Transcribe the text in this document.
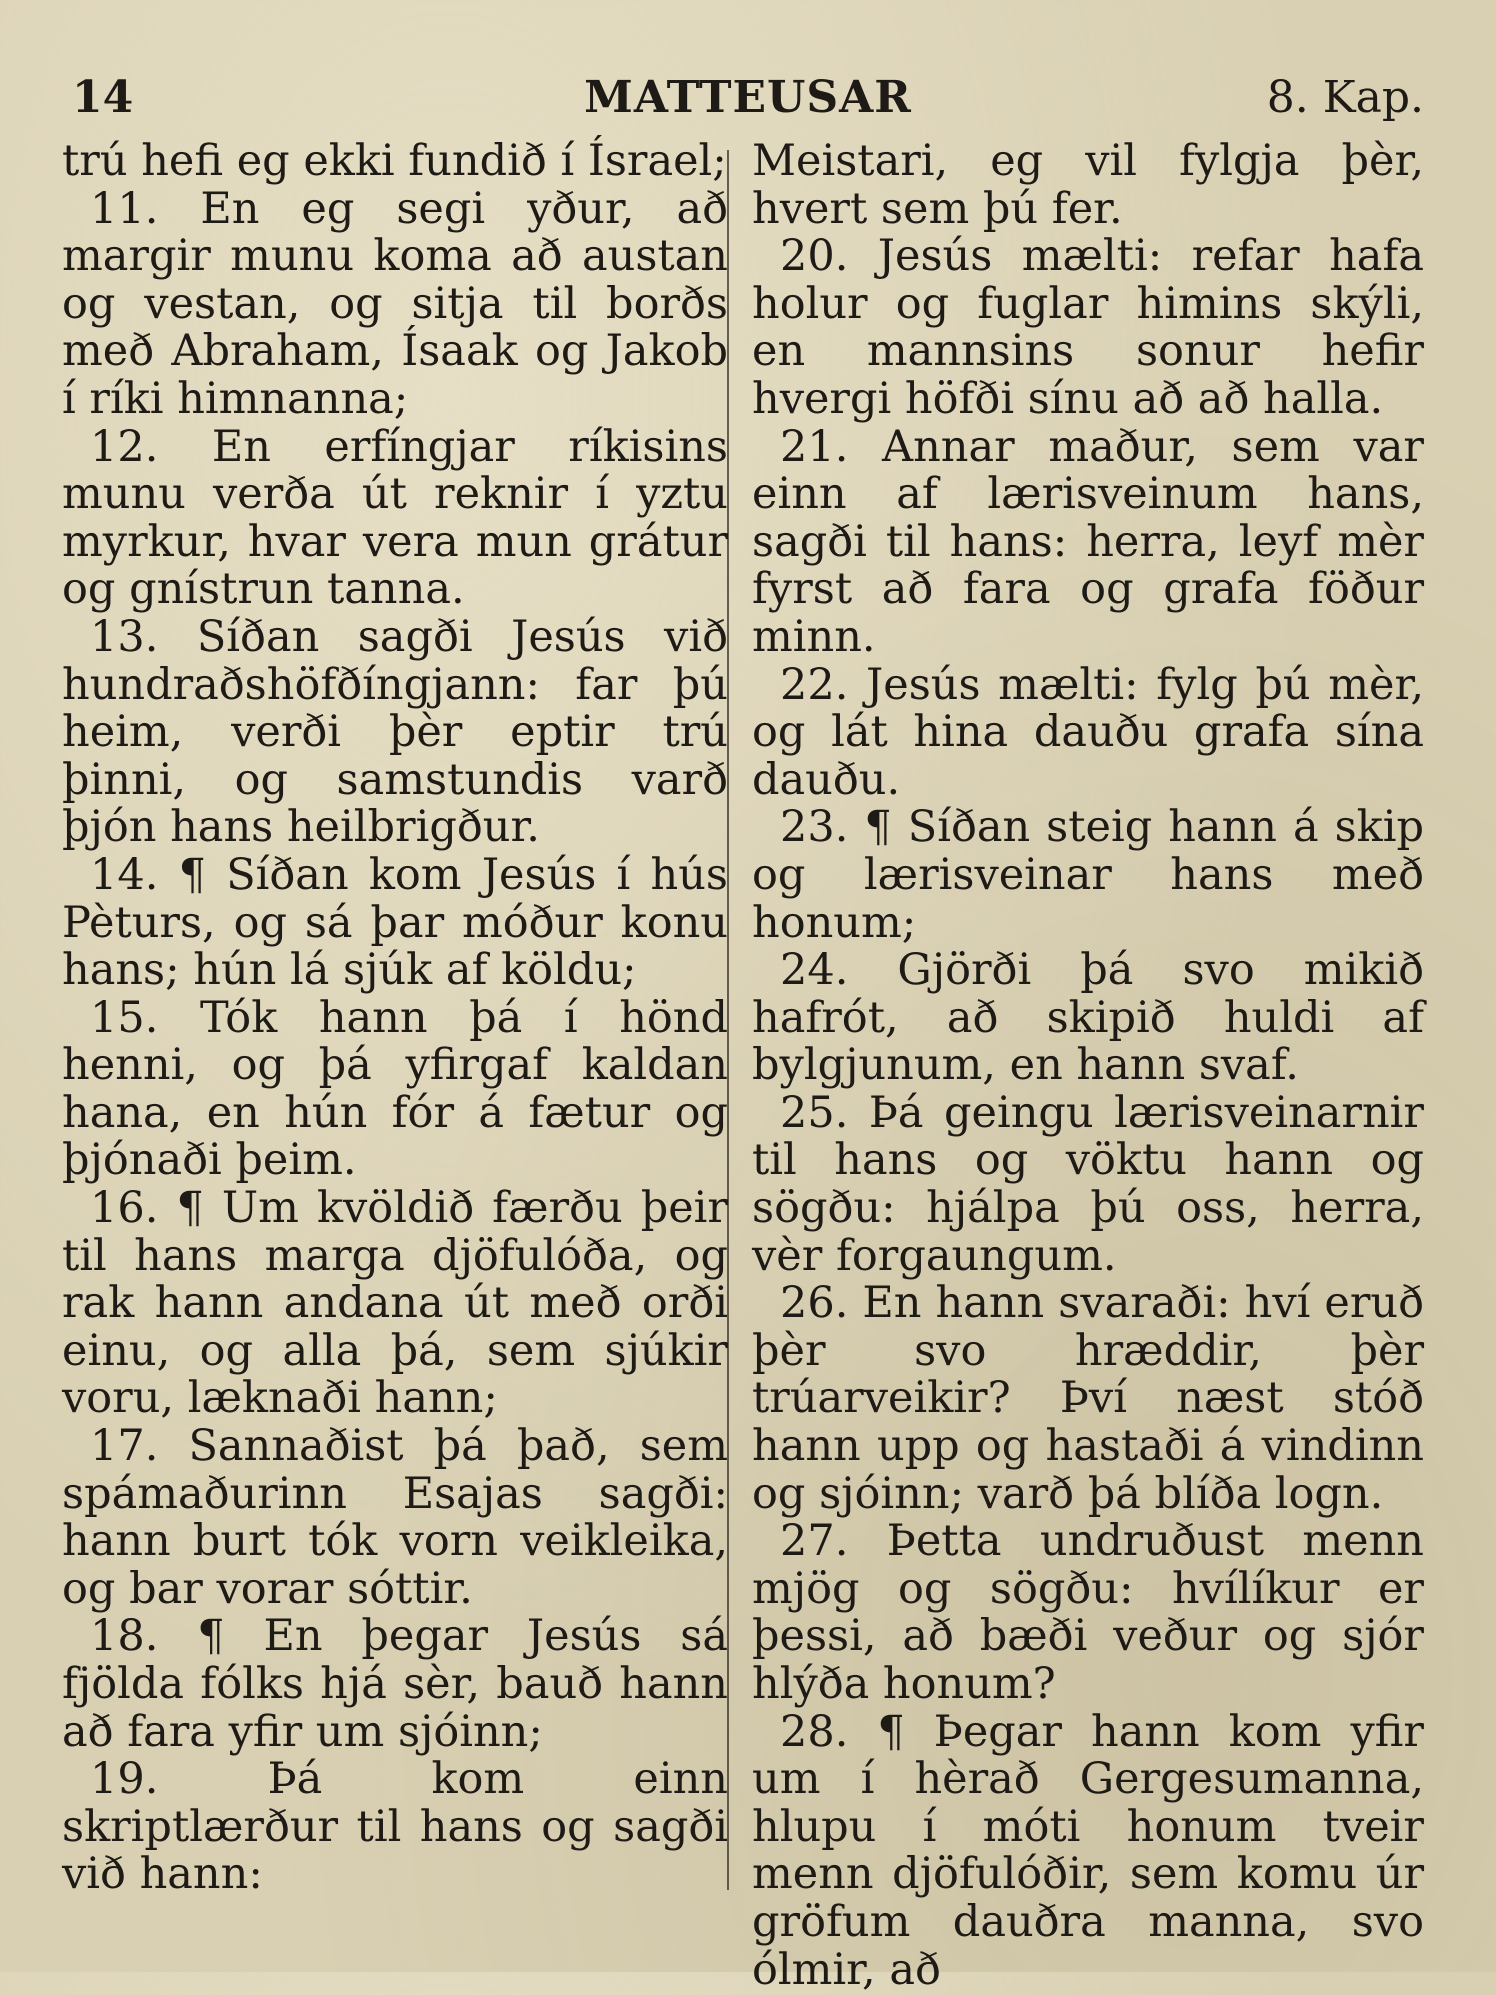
14	MATTEUSAR	8. Kap.

trú hefi eg ekki fundið í Ísrael;

11. En eg segi yður, að margir munu koma að austan og vestan, og sitja til borðs með Abraham, Ísaak og Jakob í ríki himnanna;

12. En erfíngjar ríkisins munu verða út reknir í yztu myrkur, hvar vera mun grátur og gnístrun tanna.

13. Síðan sagði Jesús við hundraðshöfðíngjann: far þú heim, verði þèr eptir trú þinni, og samstundis varð þjón hans heilbrigður.

14. ¶ Síðan kom Jesús í hús Pèturs, og sá þar móður konu hans; hún lá sjúk af köldu;

15. Tók hann þá í hönd henni, og þá yfirgaf kaldan hana, en hún fór á fætur og þjónaði þeim.

16. ¶ Um kvöldið færðu þeir til hans marga djöfulóða, og rak hann andana út með orði einu, og alla þá, sem sjúkir voru, læknaði hann;

17. Sannaðist þá það, sem spámaðurinn Esajas sagði: hann burt tók vorn veikleika, og bar vorar sóttir.

18. ¶ En þegar Jesús sá fjölda fólks hjá sèr, bauð hann að fara yfir um sjóinn;

19. Þá kom einn skriptlærður til hans og sagði við hann:

Meistari, eg vil fylgja þèr, hvert sem þú fer.

20. Jesús mælti: refar hafa holur og fuglar himins skýli, en mannsins sonur hefir hvergi höfði sínu að að halla.

21. Annar maður, sem var einn af lærisveinum hans, sagði til hans: herra, leyf mèr fyrst að fara og grafa föður minn.

22. Jesús mælti: fylg þú mèr, og lát hina dauðu grafa sína dauðu.

23. ¶ Síðan steig hann á skip og lærisveinar hans með honum;

24. Gjörði þá svo mikið hafrót, að skipið huldi af bylgjunum, en hann svaf.

25. Þá geingu lærisveinarnir til hans og vöktu hann og sögðu: hjálpa þú oss, herra, vèr forgaungum.

26. En hann svaraði: hví eruð þèr svo hræddir, þèr trúarveikir? Því næst stóð hann upp og hastaði á vindinn og sjóinn; varð þá blíða logn.

27. Þetta undruðust menn mjög og sögðu: hvílíkur er þessi, að bæði veður og sjór hlýða honum?

28. ¶ Þegar hann kom yfir um í hèrað Gergesumanna, hlupu í móti honum tveir menn djöfulóðir, sem komu úr gröfum dauðra manna, svo ólmir, að
